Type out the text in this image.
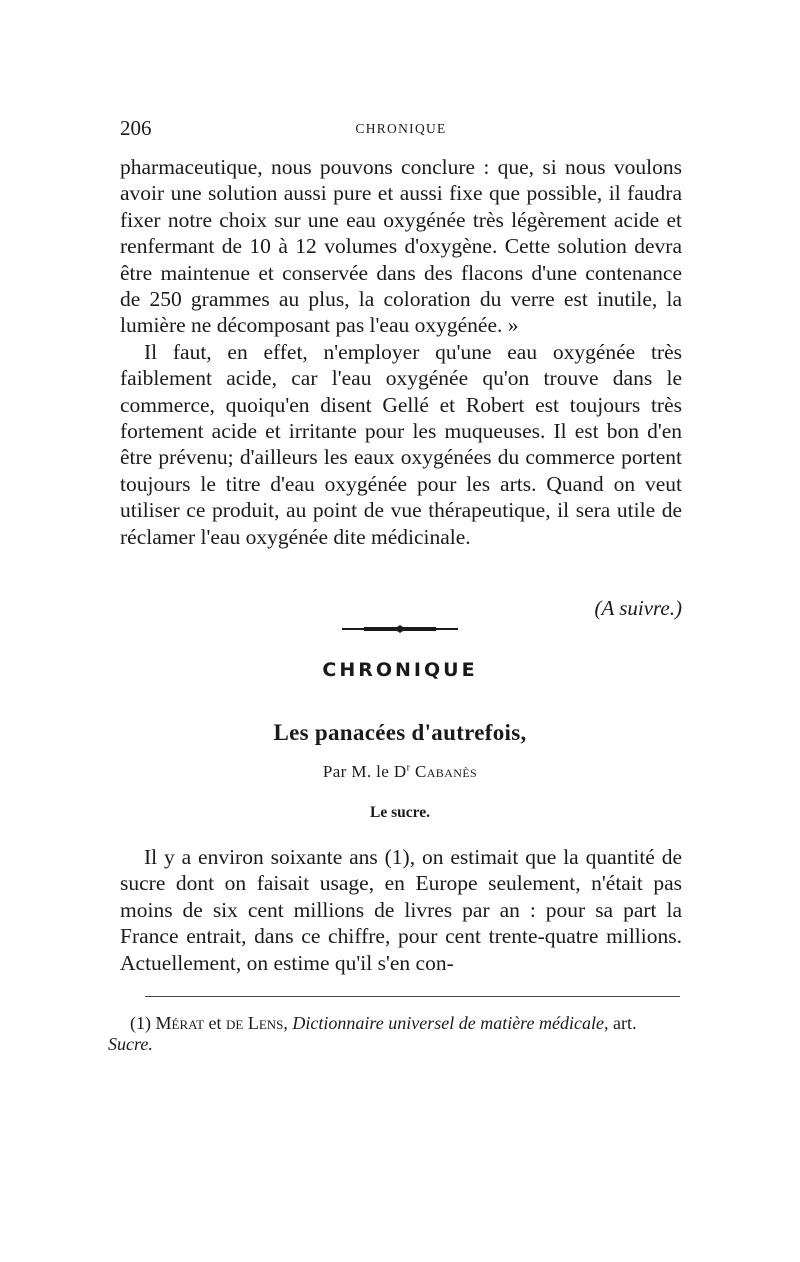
206	CHRONIQUE

pharmaceutique, nous pouvons conclure : que, si nous voulons avoir une solution aussi pure et aussi fixe que possible, il faudra fixer notre choix sur une eau oxygénée très légèrement acide et renfermant de 10 à 12 volumes d'oxygène. Cette solution devra être maintenue et conservée dans des flacons d'une contenance de 250 grammes au plus, la coloration du verre est inutile, la lumière ne décomposant pas l'eau oxygénée. »

Il faut, en effet, n'employer qu'une eau oxygénée très faiblement acide, car l'eau oxygénée qu'on trouve dans le commerce, quoiqu'en disent Gellé et Robert est toujours très fortement acide et irritante pour les muqueuses. Il est bon d'en être prévenu; d'ailleurs les eaux oxygénées du commerce portent toujours le titre d'eau oxygénée pour les arts. Quand on veut utiliser ce produit, au point de vue thérapeutique, il sera utile de réclamer l'eau oxygénée dite médicinale.

(A suivre.)
CHRONIQUE
Les panacées d'autrefois,
Par M. le $D^r$ Cabanès
Le sucre.

Il y a environ soixante ans (1), on estimait que la quantité de sucre dont on faisait usage, en Europe seulement, n'était pas moins de six cent millions de livres par an : pour sa part la France entrait, dans ce chiffre, pour cent trente-quatre millions. Actuellement, on estime qu'il s'en con-

(1) Mérat et de Lens, Dictionnaire universel de matière médicale, art. Sucre.
